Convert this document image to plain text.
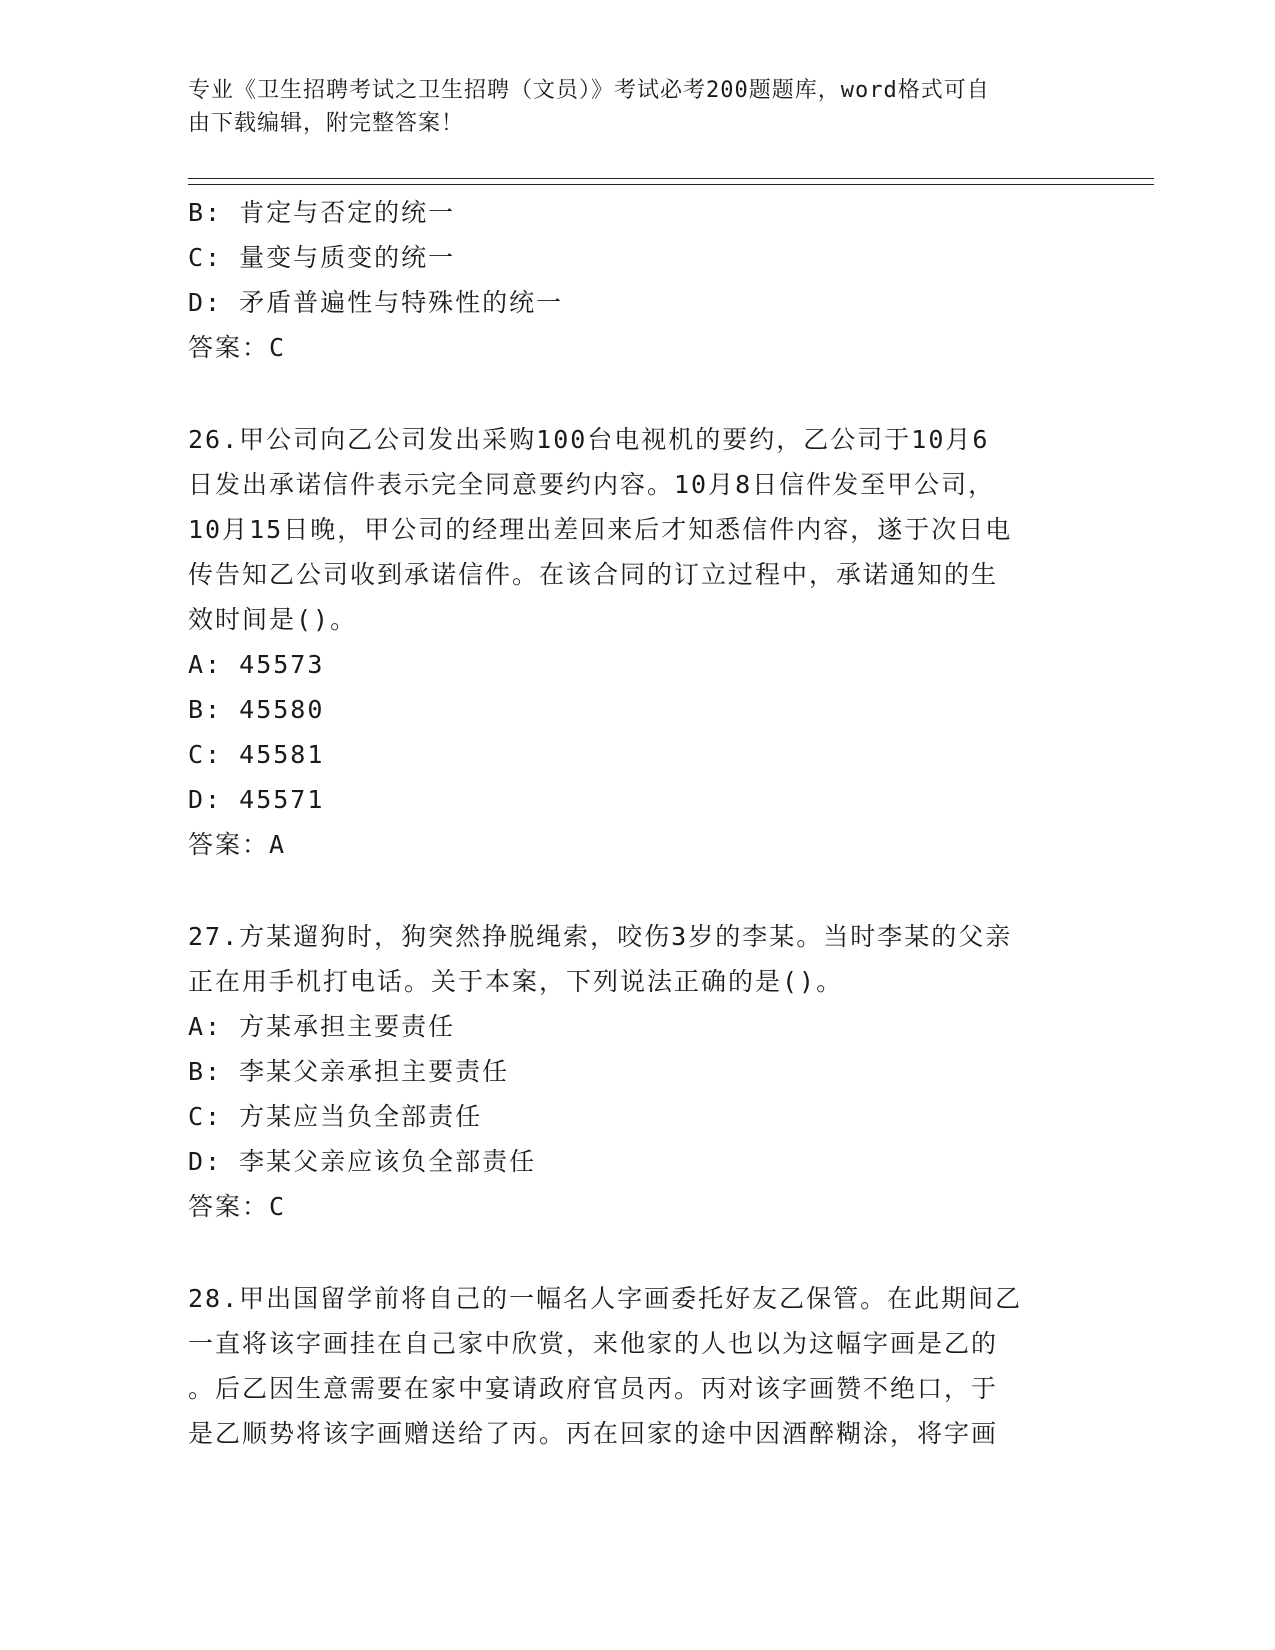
专业《卫生招聘考试之卫生招聘（文员）》考试必考200题题库，word格式可自
由下载编辑，附完整答案！
B: 肯定与否定的统一
C: 量变与质变的统一
D: 矛盾普遍性与特殊性的统一
答案：C
26.甲公司向乙公司发出采购100台电视机的要约，乙公司于10月6
日发出承诺信件表示完全同意要约内容。10月8日信件发至甲公司，
10月15日晚，甲公司的经理出差回来后才知悉信件内容，遂于次日电
传告知乙公司收到承诺信件。在该合同的订立过程中，承诺通知的生
效时间是()。
A: 45573
B: 45580
C: 45581
D: 45571
答案：A
27.方某遛狗时，狗突然挣脱绳索，咬伤3岁的李某。当时李某的父亲
正在用手机打电话。关于本案，下列说法正确的是()。
A: 方某承担主要责任
B: 李某父亲承担主要责任
C: 方某应当负全部责任
D: 李某父亲应该负全部责任
答案：C
28.甲出国留学前将自己的一幅名人字画委托好友乙保管。在此期间乙
一直将该字画挂在自己家中欣赏，来他家的人也以为这幅字画是乙的
。后乙因生意需要在家中宴请政府官员丙。丙对该字画赞不绝口，于
是乙顺势将该字画赠送给了丙。丙在回家的途中因酒醉糊涂，将字画
